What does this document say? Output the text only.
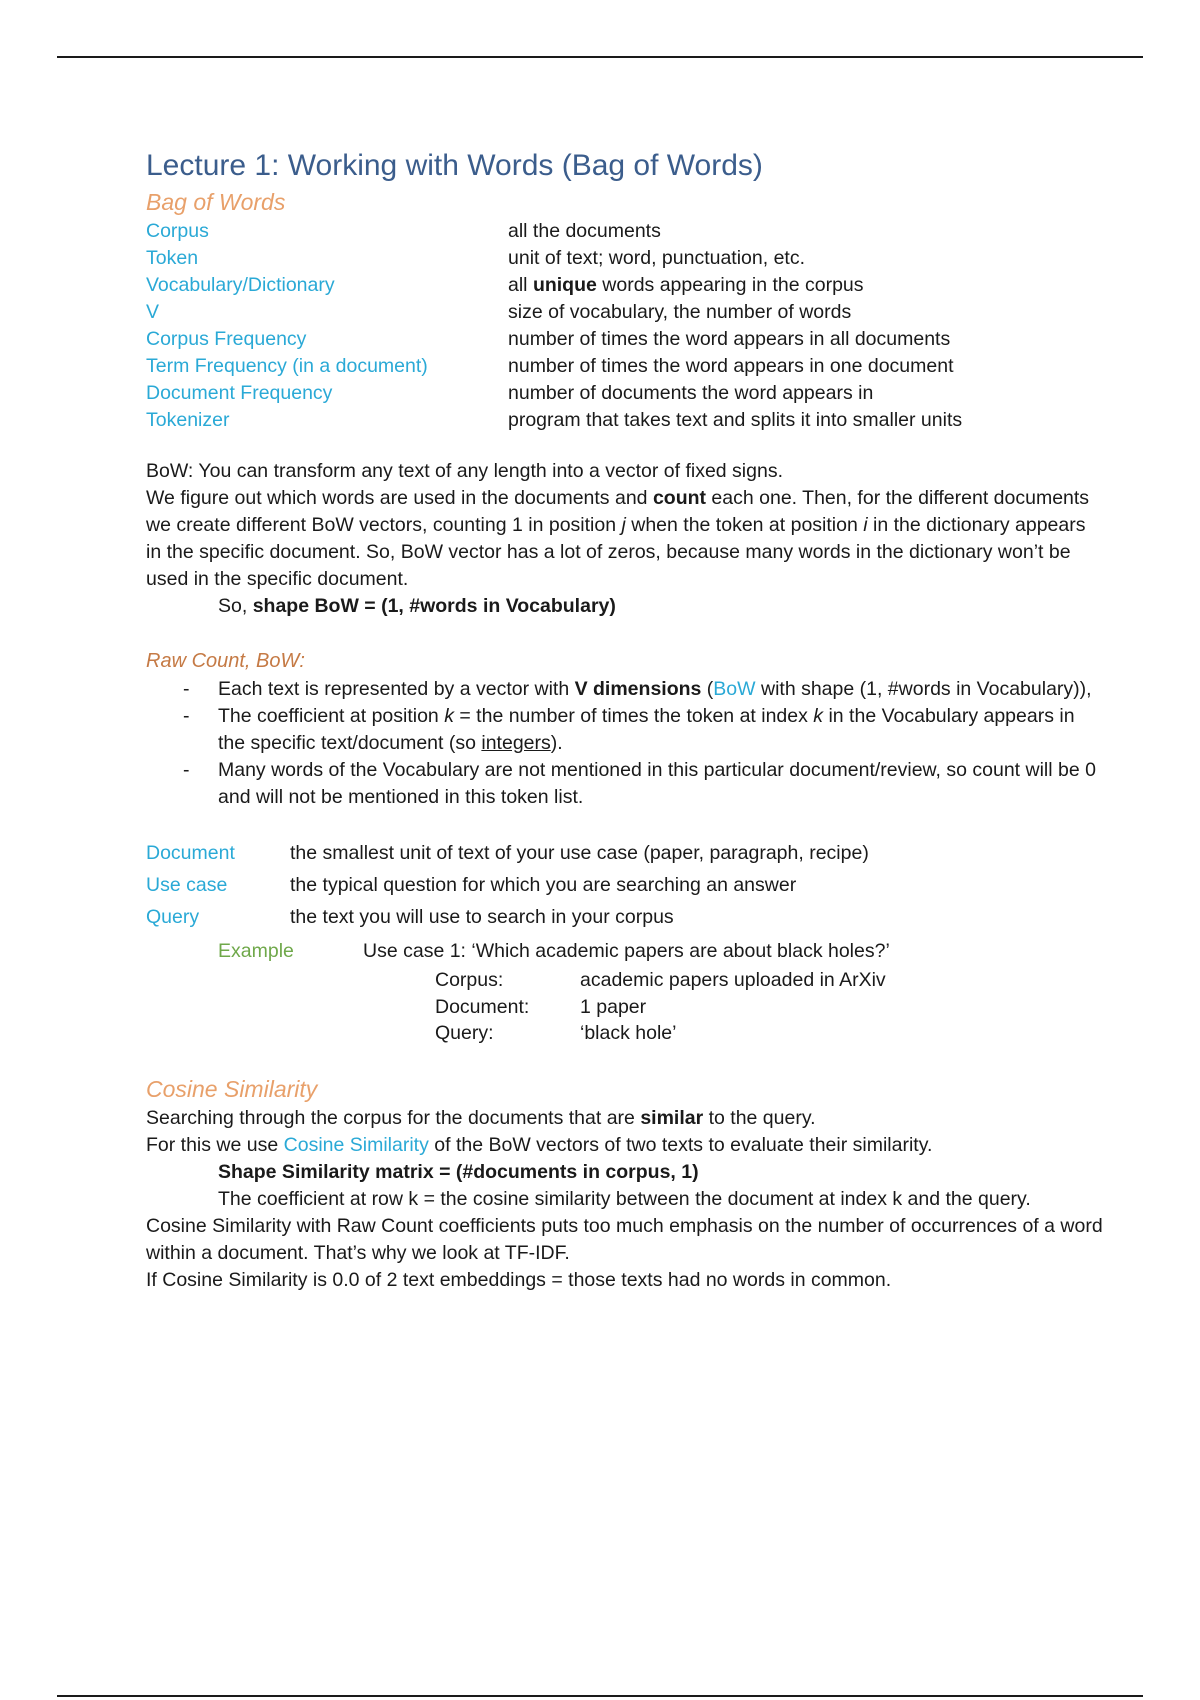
Lecture 1: Working with Words (Bag of Words)
Bag of Words
Corpus	all the documents
Token	unit of text; word, punctuation, etc.
Vocabulary/Dictionary	all unique words appearing in the corpus
V	size of vocabulary, the number of words
Corpus Frequency	number of times the word appears in all documents
Term Frequency (in a document)	number of times the word appears in one document
Document Frequency	number of documents the word appears in
Tokenizer	program that takes text and splits it into smaller units

BoW: You can transform any text of any length into a vector of fixed signs.

We figure out which words are used in the documents and count each one. Then, for the different documents we create different BoW vectors, counting 1 in position j when the token at position i in the dictionary appears in the specific document. So, BoW vector has a lot of zeros, because many words in the dictionary won’t be used in the specific document.

So, shape BoW = (1, #words in Vocabulary)

Raw Count, BoW:
- Each text is represented by a vector with V dimensions (BoW with shape (1, #words in Vocabulary)),
- The coefficient at position k = the number of times the token at index k in the Vocabulary appears in the specific text/document (so integers).
- Many words of the Vocabulary are not mentioned in this particular document/review, so count will be 0 and will not be mentioned in this token list.
Document	the smallest unit of text of your use case (paper, paragraph, recipe)
Use case	the typical question for which you are searching an answer
Query	the text you will use to search in your corpus
Example	Use case 1: ‘Which academic papers are about black holes?’
Corpus:	academic papers uploaded in ArXiv
Document:	1 paper
Query:	‘black hole’
Cosine Similarity

Searching through the corpus for the documents that are similar to the query.

For this we use Cosine Similarity of the BoW vectors of two texts to evaluate their similarity.

Shape Similarity matrix = (#documents in corpus, 1)

The coefficient at row k = the cosine similarity between the document at index k and the query.

Cosine Similarity with Raw Count coefficients puts too much emphasis on the number of occurrences of a word within a document. That’s why we look at TF-IDF.

If Cosine Similarity is 0.0 of 2 text embeddings = those texts had no words in common.
